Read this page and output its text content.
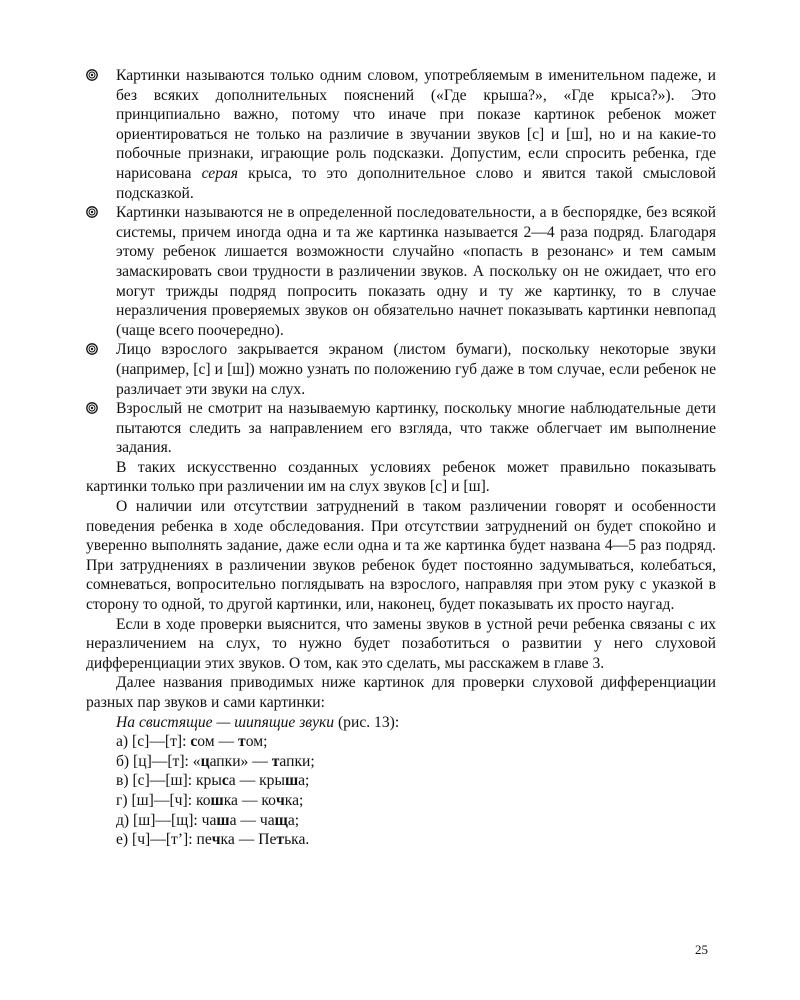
Картинки называются только одним словом, употребляемым в именительном падеже, и без всяких дополнительных пояснений («Где крыша?», «Где крыса?»). Это принципиально важно, потому что иначе при показе картинок ребенок может ориентироваться не только на различие в звучании звуков [с] и [ш], но и на какие-то побочные признаки, играющие роль подсказки. Допустим, если спросить ребенка, где нарисована серая крыса, то это дополнительное слово и явится такой смысловой подсказкой.
Картинки называются не в определенной последовательности, а в беспорядке, без всякой системы, причем иногда одна и та же картинка называется 2—4 раза подряд. Благодаря этому ребенок лишается возможности случайно «попасть в резонанс» и тем самым замаскировать свои трудности в различении звуков. А поскольку он не ожидает, что его могут трижды подряд попросить показать одну и ту же картинку, то в случае неразличения проверяемых звуков он обязательно начнет показывать картинки невпопад (чаще всего поочередно).
Лицо взрослого закрывается экраном (листом бумаги), поскольку некоторые звуки (например, [с] и [ш]) можно узнать по положению губ даже в том случае, если ребенок не различает эти звуки на слух.
Взрослый не смотрит на называемую картинку, поскольку многие наблюдательные дети пытаются следить за направлением его взгляда, что также облегчает им выполнение задания.

В таких искусственно созданных условиях ребенок может правильно показывать картинки только при различении им на слух звуков [с] и [ш].

О наличии или отсутствии затруднений в таком различении говорят и особенности поведения ребенка в ходе обследования. При отсутствии затруднений он будет спокойно и уверенно выполнять задание, даже если одна и та же картинка будет названа 4—5 раз подряд. При затруднениях в различении звуков ребенок будет постоянно задумываться, колебаться, сомневаться, вопросительно поглядывать на взрослого, направляя при этом руку с указкой в сторону то одной, то другой картинки, или, наконец, будет показывать их просто наугад.

Если в ходе проверки выяснится, что замены звуков в устной речи ребенка связаны с их неразличением на слух, то нужно будет позаботиться о развитии у него слуховой дифференциации этих звуков. О том, как это сделать, мы расскажем в главе 3.

Далее названия приводимых ниже картинок для проверки слуховой дифференциации разных пар звуков и сами картинки:

На свистящие — шипящие звуки (рис. 13):

а) [с]—[т]: сом — том;
б) [ц]—[т]: «цапки» — тапки;
в) [с]—[ш]: крыса — крыша;
г) [ш]—[ч]: кошка — кочка;
д) [ш]—[щ]: чаша — чаща;
е) [ч]—[т’]: печка — Петька.
25
